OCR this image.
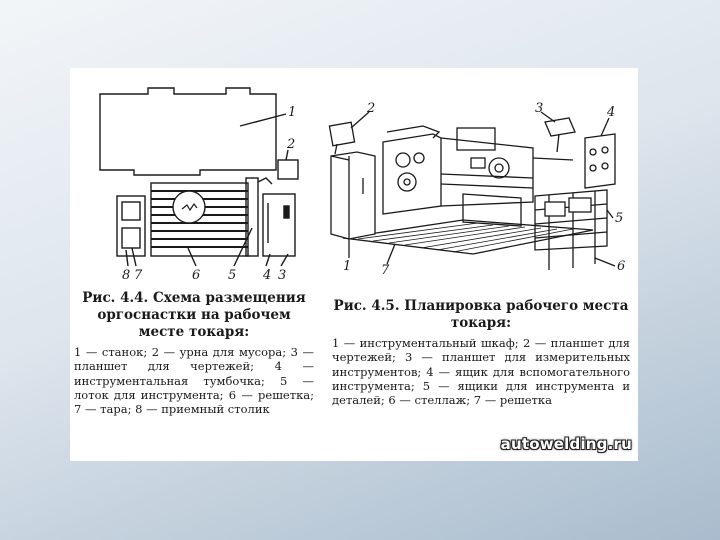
1
2
8 7	6 5 4 3
2	3	4
5
6
1 7

Рис. 4.4. Схема размещения оргоснастки на рабочем месте токаря:

1 — станок; 2 — урна для мусора; 3 — планшет для чертежей; 4 — инструментальная тумбочка; 5 — лоток для инструмента; 6 — решетка; 7 — тара; 8 — приемный столик

Рис. 4.5. Планировка рабочего места токаря:

1 — инструментальный шкаф; 2 — планшет для чертежей; 3 — планшет для измерительных инструментов; 4 — ящик для вспомогательного инструмента; 5 — ящики для инструмента и деталей; 6 — стеллаж; 7 — решетка

autowelding.ru
